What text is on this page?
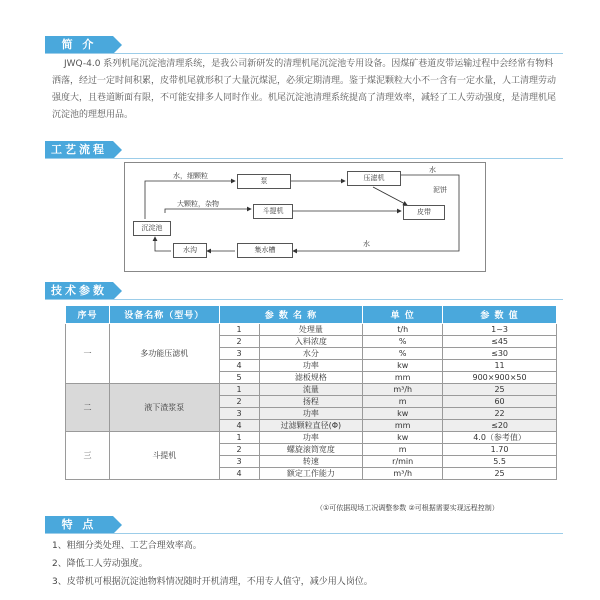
简 介
JWQ-4.0 系列机尾沉淀池清理系统，是我公司新研发的清理机尾沉淀池专用设备。因煤矿巷道皮带运输过程中会经常有物料洒落，经过一定时间积累，皮带机尾就形积了大量沉煤泥，必须定期清理。鉴于煤泥颗粒大小不一含有一定水量，人工清理劳动强度大，且巷道断面有限，不可能安排多人同时作业。机尾沉淀池清理系统提高了清理效率，减轻了工人劳动强度，是清理机尾沉淀池的理想用品。
工艺流程
沉淀池
泵	压滤机
斗提机	皮带
水沟	集水槽
水，细颗粒
大颗粒，杂物
水
泥饼
水
技术参数
序号	设备名称（型号）	参 数 名 称		单 位	参 数 值
一	多功能压滤机	1	处理量	t/h	1~3
		2	入料浓度	%	≤45
		3	水分	%	≤30
		4	功率	kw	11
		5	滤板规格	mm	900×900×50
二	液下渣浆泵	1	流量	m³/h	25
		2	扬程	m	60
		3	功率	kw	22
		4	过滤颗粒直径(Φ)	mm	≤20
三	斗提机	1	功率	kw	4.0（参考值）
		2	螺旋滚筒宽度	m	1.70
		3	转速	r/min	5.5
		4	额定工作能力	m³/h	25
（①可依据现场工况调整参数 ②可根据需要实现远程控制）
特 点
1、粗细分类处理、工艺合理效率高。
2、降低工人劳动强度。
3、皮带机可根据沉淀池物料情况随时开机清理，不用专人值守，减少用人岗位。
